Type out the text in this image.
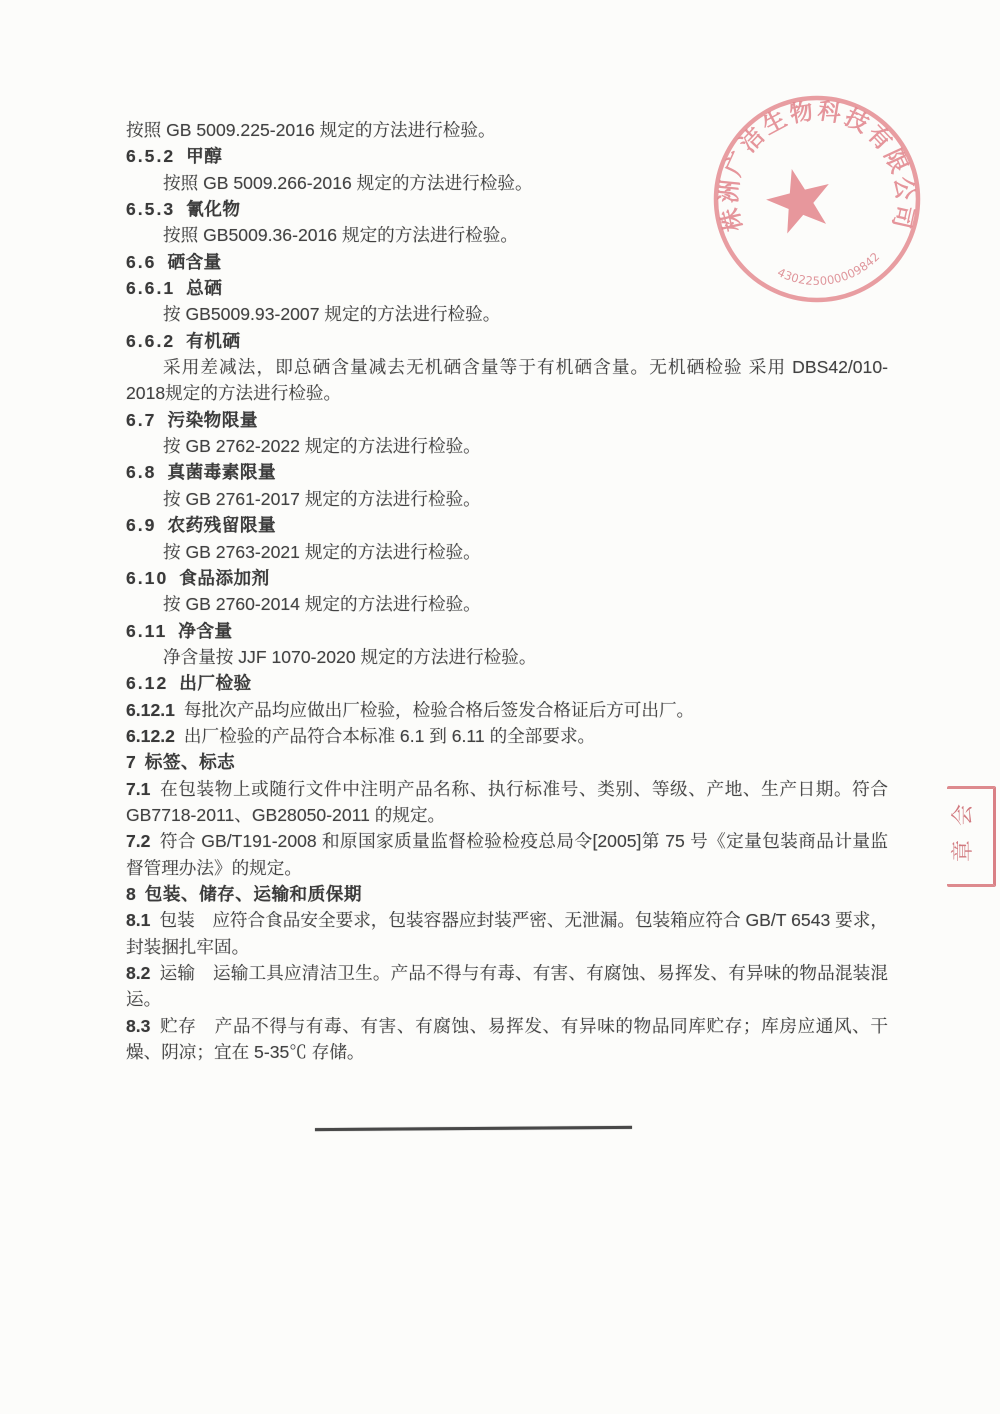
株洲广洁生物科技有限公司
430225000009842
会
章

按照 GB 5009.225-2016 规定的方法进行检验。

6.5.2 甲醇

按照 GB 5009.266-2016 规定的方法进行检验。

6.5.3 氰化物

按照 GB5009.36-2016 规定的方法进行检验。

6.6 硒含量

6.6.1 总硒

按 GB5009.93-2007 规定的方法进行检验。

6.6.2 有机硒

采用差减法，即总硒含量减去无机硒含量等于有机硒含量。无机硒检验 采用 DBS42/010-2018​规定的方法进行检验。

6.7 污染物限量

按 GB 2762-2022 规定的方法进行检验。

6.8 真菌毒素限量

按 GB 2761-2017 规定的方法进行检验。

6.9 农药残留限量

按 GB 2763-2021 规定的方法进行检验。

6.10 食品添加剂

按 GB 2760-2014 规定的方法进行检验。

6.11 净含量

净含量按 JJF 1070-2020 规定的方法进行检验。

6.12 出厂检验

6.12.1 每批次产品均应做出厂检验，检验合格后签发合格证后方可出厂。

6.12.2 出厂检验的产品符合本标准 6.1 到 6.11 的全部要求。

7 标签、标志

7.1 在包装物上或随行文件中注明产品名称、执行标准号、类别、等级、产地、生产日期。符合GB7718-2011、GB28050-2011 的规定。

7.2 符合 GB/T191-2008 和原国家质量监督检验检疫总局令[2005]第 75 号《定量包装商品计量监督管理办法》的规定。

8 包装、储存、运输和质保期

8.1 包装　应符合食品安全要求，包装容器应封装严密、无泄漏。包装箱应符合 GB/T 6543 要求，封装捆扎牢固。

8.2 运输　运输工具应清洁卫生。产品不得与有毒、有害、有腐蚀、易挥发、有异味的物品混装混运。

8.3 贮存　产品不得与有毒、有害、有腐蚀、易挥发、有异味的物品同库贮存；库房应通风、干燥、阴凉；宜在 5-35℃ 存储。
